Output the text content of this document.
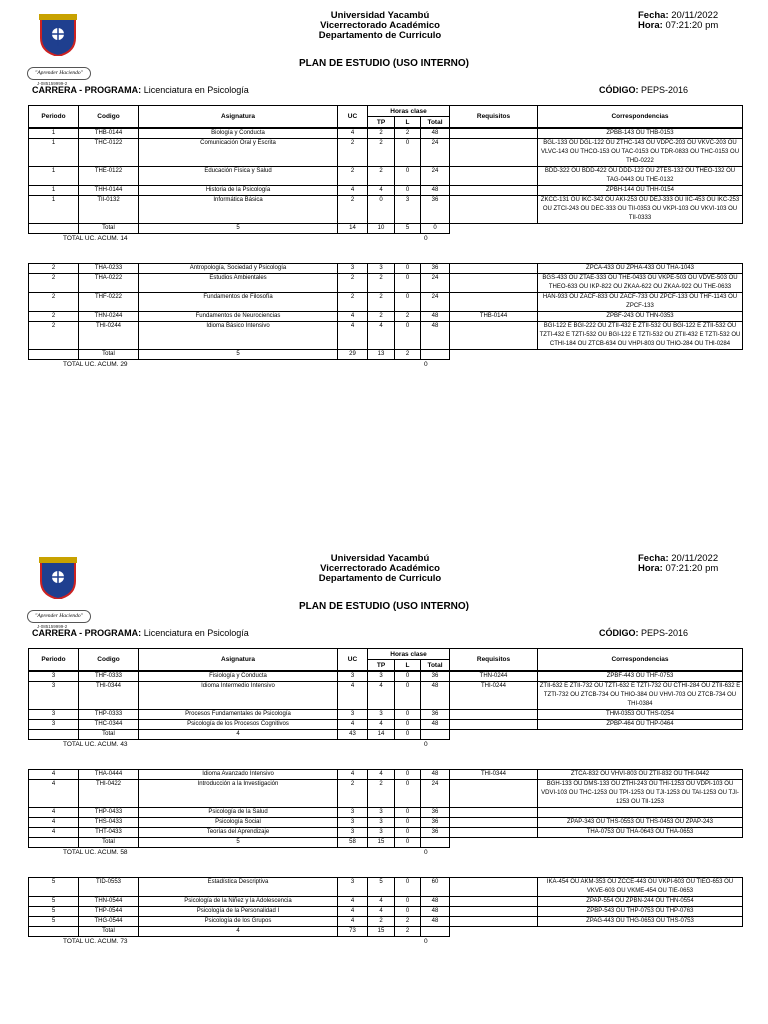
"Aprender Haciendo"
J-085159999-2
Universidad Yacambú
Vicerrectorado Académico
Departamento de Curriculo
Fecha: 20/11/2022
Hora: 07:21:20 pm
PLAN DE ESTUDIO (USO INTERNO)
CARRERA - PROGRAMA: Licenciatura en Psicología	CÓDIGO: PEPS-2016
Periodo	Codigo	Asignatura	UC	Horas clase			Requisitos	Correspondencias
				TP	L	Total		
1	THB-0144	Biología y Conducta	4	2	2	48		ZPBB-143 OU THB-0153
1	THC-0122	Comunicación Oral y Escrita	2	2	0	24		BGL-133 OU DGL-122 OU ZTHC-143 OU VDPC-203 OU VKVC-203 OU VLVC-143 OU THCO-153 OU TAC-0153 OU TDR-0833 OU THC-0153 OU THD-0222
1	THE-0122	Educación Física y Salud	2	2	0	24		BDD-322 OU BDD-422 OU DDD-122 OU ZTES-132 OU THEO-132 OU TAG-0443 OU THE-0132
1	THH-0144	Historia de la Psicología	4	4	0	48		ZPBH-144 OU THH-0154
1	TII-0132	Informática Básica	2	0	3	36		ZKCC-131 OU IKC-342 OU AKI-253 OU DEJ-333 OU IIC-453 OU IKC-253 OU ZTCI-243 OU DEC-333 OU TII-0353 OU VKPI-103 OU VKVI-103 OU TII-0333
	Total	5	14	10	5	0		
TOTAL UC. ACUM. 14	0
2	THA-0233	Antropología, Sociedad y Psicología	3	3	0	36		ZPCA-433 OU ZPHA-433 OU THA-1043
2	THA-0222	Estudios Ambientales	2	2	0	24		BGS-433 OU ZTAE-333 OU THE-0433 OU VKPE-503 OU VDVE-503 OU THEO-633 OU IKP-822 OU ZKAA-622 OU ZKAA-922 OU THE-0633
2	THF-0222	Fundamentos de Filosofía	2	2	0	24		HAN-933 OU ZACF-833 OU ZACF-733 OU ZPCF-133 OU THF-1143 OU ZPCF-133
2	THN-0244	Fundamentos de Neurociencias	4	2	2	48	THB-0144	ZPBF-243 OU THN-0353
2	THI-0244	Idioma Básico Intensivo	4	4	0	48		BGI-122 E BGI-222 OU ZTII-432 E ZTII-532 OU BGI-122 E ZTII-532 OU TZTI-432 E TZTI-532 OU BGI-122 E TZTI-532 OU ZTII-432 E TZTI-532 OU CTHI-184 OU ZTCB-634 OU VHPI-803 OU THIO-284 OU THI-0284
	Total	5	29	13	2			
TOTAL UC. ACUM. 29	0
"Aprender Haciendo"
J-085159999-2
Universidad Yacambú
Vicerrectorado Académico
Departamento de Curriculo
Fecha: 20/11/2022
Hora: 07:21:20 pm
PLAN DE ESTUDIO (USO INTERNO)
CARRERA - PROGRAMA: Licenciatura en Psicología	CÓDIGO: PEPS-2016
Periodo	Codigo	Asignatura	UC	Horas clase			Requisitos	Correspondencias
				TP	L	Total		
3	THF-0333	Fisiología y Conducta	3	3	0	36	THN-0244	ZPBF-443 OU THF-0753
3	THI-0344	Idioma Intermedio Intensivo	4	4	0	48	THI-0244	ZTII-632 E ZTII-732 OU TZTI-632 E TZTI-732 OU CTHI-284 OU ZTII-632 E TZTI-732 OU ZTCB-734 OU THIO-384 OU VHVI-703 OU ZTCB-734 OU THI-0384
3	THP-0333	Procesos Fundamentales de Psicología	3	3	0	36		THM-0353 OU THS-0254
3	THC-0344	Psicología de los Procesos Cognitivos	4	4	0	48		ZPBP-464 OU THP-0464
	Total	4	43	14	0			
TOTAL UC. ACUM. 43	0
4	THA-0444	Idioma Avanzado Intensivo	4	4	0	48	THI-0344	ZTCA-832 OU VHVI-803 OU ZTII-832 OU THI-0442
4	THI-0422	Introducción a la Investigación	2	2	0	24		BGH-133 OU DMS-133 OU ZTHI-243 OU THI-1253 OU VDPI-103 OU VDVI-103 OU THC-1253 OU TPI-1253 OU TJI-1253 OU TAI-1253 OU TJI-1253 OU TII-1253
4	THP-0433	Psicología de la Salud	3	3	0	36		
4	THS-0433	Psicología Social	3	3	0	36		ZPAP-343 OU THS-0553 OU THS-0453 OU ZPAP-243
4	THT-0433	Teorías del Aprendizaje	3	3	0	36		THA-0753 OU THA-0643 OU THA-0653
	Total	5	58	15	0			
TOTAL UC. ACUM. 58	0
5	TID-0553	Estadística Descriptiva	3	5	0	60		IKA-454 OU AKM-353 OU ZCCE-443 OU VKPI-603 OU TIEO-653 OU VKVE-603 OU VKME-454 OU TIE-0653
5	THN-0544	Psicología de la Niñez y la Adolescencia	4	4	0	48		ZPAP-554 OU ZPBN-244 OU THN-0554
5	THP-0544	Psicología de la Personalidad I	4	4	0	48		ZPBP-543 OU THP-0753 OU THP-0763
5	THG-0544	Psicología de los Grupos	4	2	2	48		ZPAG-443 OU THG-0653 OU THS-0753
	Total	4	73	15	2			
TOTAL UC. ACUM. 73	0
